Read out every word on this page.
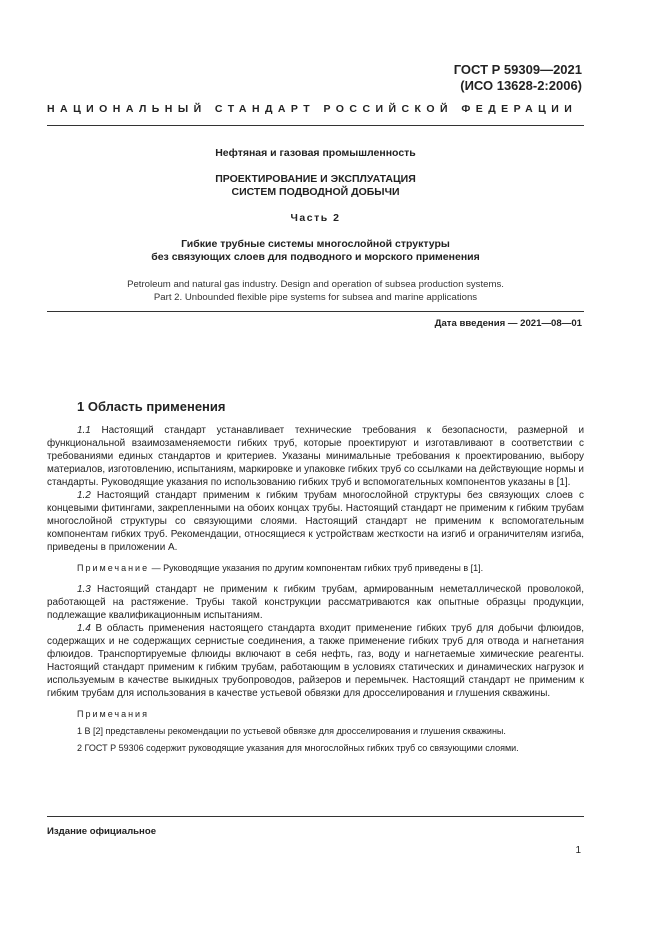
ГОСТ Р 59309—2021
(ИСО 13628-2:2006)
НАЦИОНАЛЬНЫЙ СТАНДАРТ РОССИЙСКОЙ ФЕДЕРАЦИИ
Нефтяная и газовая промышленность
ПРОЕКТИРОВАНИЕ И ЭКСПЛУАТАЦИЯ
СИСТЕМ ПОДВОДНОЙ ДОБЫЧИ
Часть 2
Гибкие трубные системы многослойной структуры
без связующих слоев для подводного и морского применения
Petroleum and natural gas industry. Design and operation of subsea production systems.
Part 2. Unbounded flexible pipe systems for subsea and marine applications
Дата введения — 2021—08—01
1 Область применения

1.1 Настоящий стандарт устанавливает технические требования к безопасности, размерной и функциональной взаимозаменяемости гибких труб, которые проектируют и изготавливают в соответствии с требованиями единых стандартов и критериев. Указаны минимальные требования к проектированию, выбору материалов, изготовлению, испытаниям, маркировке и упаковке гибких труб со ссылками на действующие нормы и стандарты. Руководящие указания по использованию гибких труб и вспомогательных компонентов указаны в [1].

1.2 Настоящий стандарт применим к гибким трубам многослойной структуры без связующих слоев с концевыми фитингами, закрепленными на обоих концах трубы. Настоящий стандарт не применим к гибким трубам многослойной структуры со связующими слоями. Настоящий стандарт не применим к вспомогательным компонентам гибких труб. Рекомендации, относящиеся к устройствам жесткости на изгиб и ограничителям изгиба, приведены в приложении А.

Примечание — Руководящие указания по другим компонентам гибких труб приведены в [1].

1.3 Настоящий стандарт не применим к гибким трубам, армированным неметаллической проволокой, работающей на растяжение. Трубы такой конструкции рассматриваются как опытные образцы продукции, подлежащие квалификационным испытаниям.

1.4 В область применения настоящего стандарта входит применение гибких труб для добычи флюидов, содержащих и не содержащих сернистые соединения, а также применение гибких труб для отвода и нагнетания флюидов. Транспортируемые флюиды включают в себя нефть, газ, воду и нагнетаемые химические реагенты. Настоящий стандарт применим к гибким трубам, работающим в условиях статических и динамических нагрузок и используемым в качестве выкидных трубопроводов, райзеров и перемычек. Настоящий стандарт не применим к гибким трубам для использования в качестве устьевой обвязки для дросселирования и глушения скважины.

Примечания

1 В [2] представлены рекомендации по устьевой обвязке для дросселирования и глушения скважины.

2 ГОСТ Р 59306 содержит руководящие указания для многослойных гибких труб со связующими слоями.

Издание официальное
1
